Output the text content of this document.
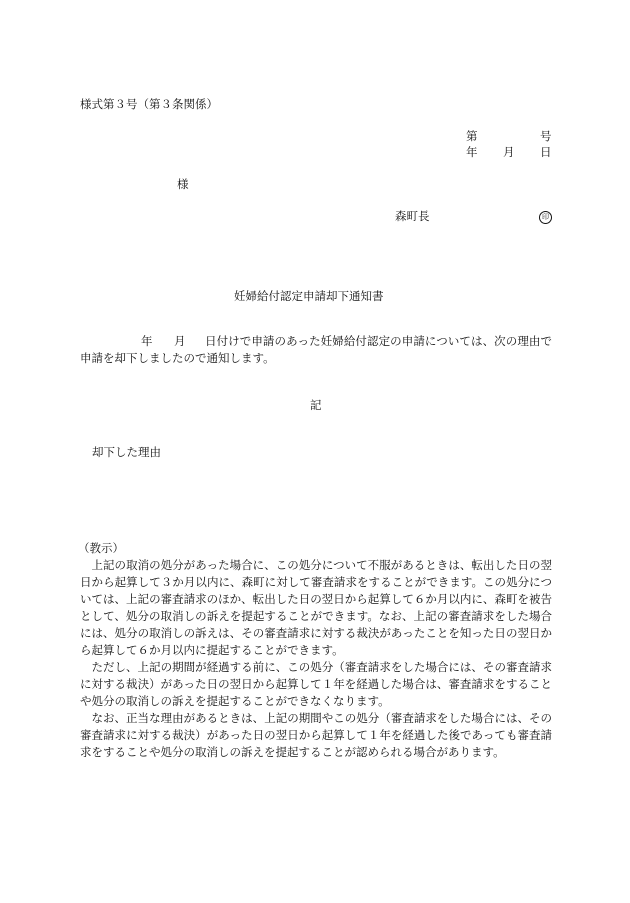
様式第３号（第３条関係）
第	号
年 月 日
様
森町長	印
妊婦給付認定申請却下通知書
年 月	日付けで申請のあった妊婦給付認定の申請については、次の理由で申請を却下しましたので通知します。
記
却下した理由
（教示）

上記の取消の処分があった場合に、この処分について不服があるときは、転出した日の翌日から起算して３か月以内に、森町に対して審査請求をすることができます。この処分については、上記の審査請求のほか、転出した日の翌日から起算して６か月以内に、森町を被告として、処分の取消しの訴えを提起することができます。なお、上記の審査請求をした場合には、処分の取消しの訴えは、その審査請求に対する裁決があったことを知った日の翌日から起算して６か月以内に提起することができます。

ただし、上記の期間が経過する前に、この処分（審査請求をした場合には、その審査請求に対する裁決）があった日の翌日から起算して１年を経過した場合は、審査請求をすることや処分の取消しの訴えを提起することができなくなります。

なお、正当な理由があるときは、上記の期間やこの処分（審査請求をした場合には、その審査請求に対する裁決）があった日の翌日から起算して１年を経過した後であっても審査請求をすることや処分の取消しの訴えを提起することが認められる場合があります。
